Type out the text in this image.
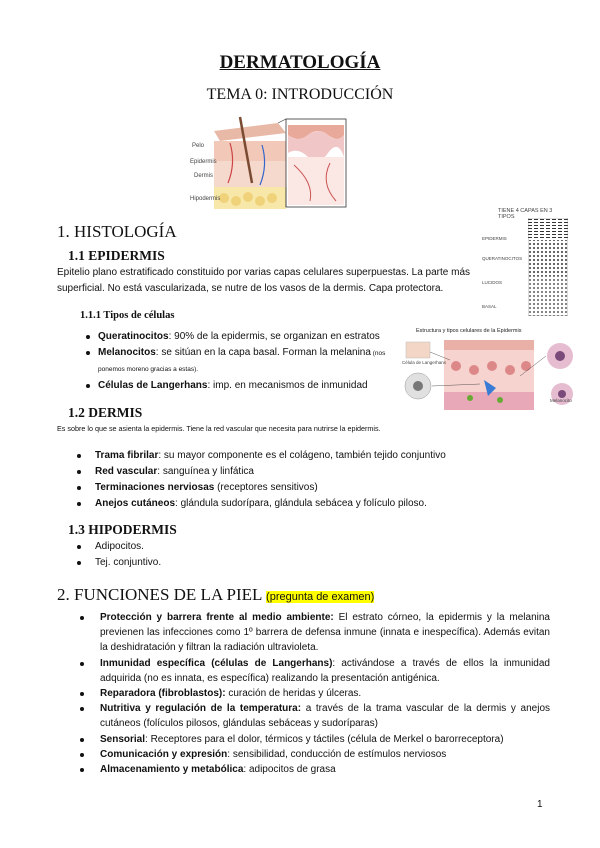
DERMATOLOGÍA
TEMA 0: INTRODUCCIÓN
Pelo
Epidermis
Dermis
Hipodermis
TIENE 4 CAPAS EN 3 TIPOS
EPIDERMIS
QUERATINOCITOS
LUCIDOS
BASAL
Estructura y tipos celulares de la Epidermis
Célula de Langerhans
Melanocito
1. HISTOLOGÍA
1.1 EPIDERMIS
Epitelio plano estratificado constituido por varias capas celulares superpuestas. La parte más superficial. No está vascularizada, se nutre de los vasos de la dermis. Capa protectora.
1.1.1 Tipos de células
Queratinocitos: 90% de la epidermis, se organizan en estratos
Melanocitos: se sitúan en la capa basal. Forman la melanina (nos ponemos moreno gracias a estas).
Células de Langerhans: imp. en mecanismos de inmunidad
1.2 DERMIS
Es sobre lo que se asienta la epidermis. Tiene la red vascular que necesita para nutrirse la epidermis.
Trama fibrilar: su mayor componente es el colágeno, también tejido conjuntivo
Red vascular: sanguínea y linfática
Terminaciones nerviosas (receptores sensitivos)
Anejos cutáneos: glándula sudorípara, glándula sebácea y folículo piloso.
1.3 HIPODERMIS
Adipocitos.
Tej. conjuntivo.
2. FUNCIONES DE LA PIEL (pregunta de examen)
Protección y barrera frente al medio ambiente: El estrato córneo, la epidermis y la melanina previenen las infecciones como 1º barrera de defensa inmune (innata e inespecífica). Además evitan la deshidratación y filtran la radiación ultravioleta.
Inmunidad específica (células de Langerhans): activándose a través de ellos la inmunidad adquirida (no es innata, es específica) realizando la presentación antigénica.
Reparadora (fibroblastos): curación de heridas y úlceras.
Nutritiva y regulación de la temperatura: a través de la trama vascular de la dermis y anejos cutáneos (folículos pilosos, glándulas sebáceas y sudoríparas)
Sensorial: Receptores para el dolor, térmicos y táctiles (célula de Merkel o barorreceptora)
Comunicación y expresión: sensibilidad, conducción de estímulos nerviosos
Almacenamiento y metabólica: adipocitos de grasa
1
